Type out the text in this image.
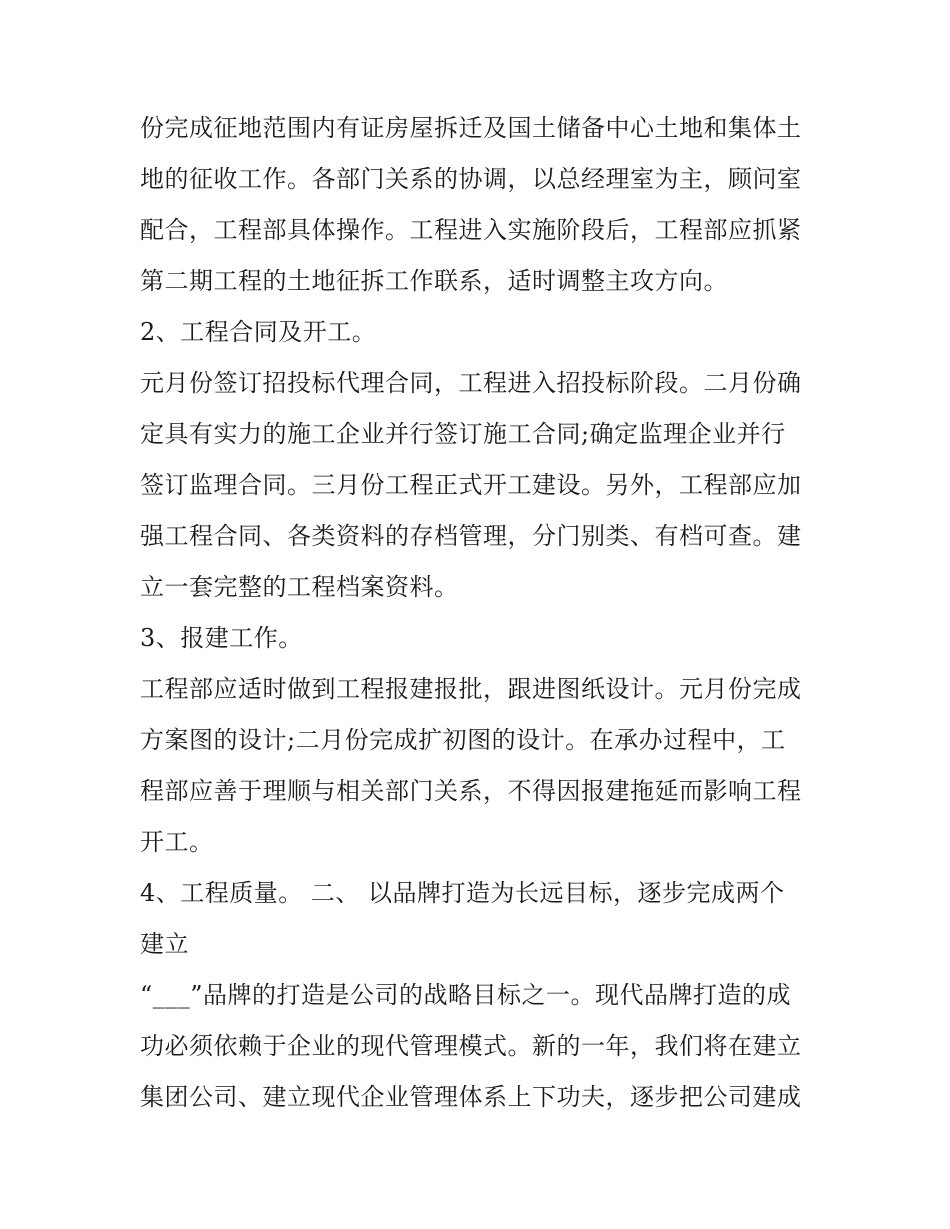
份完成征地范围内有证房屋拆迁及国土储备中心土地和集体土
地的征收工作。各部门关系的协调，以总经理室为主，顾问室
配合，工程部具体操作。工程进入实施阶段后，工程部应抓紧
第二期工程的土地征拆工作联系，适时调整主攻方向。
2、工程合同及开工。
元月份签订招投标代理合同，工程进入招投标阶段。二月份确
定具有实力的施工企业并行签订施工合同;确定监理企业并行
签订监理合同。三月份工程正式开工建设。另外，工程部应加
强工程合同、各类资料的存档管理，分门别类、有档可查。建
立一套完整的工程档案资料。
3、报建工作。
工程部应适时做到工程报建报批，跟进图纸设计。元月份完成
方案图的设计;二月份完成扩初图的设计。在承办过程中，工
程部应善于理顺与相关部门关系，不得因报建拖延而影响工程
开工。
4、工程质量。 二、 以品牌打造为长远目标，逐步完成两个
建立
“___”品牌的打造是公司的战略目标之一。现代品牌打造的成
功必须依赖于企业的现代管理模式。新的一年，我们将在建立
集团公司、建立现代企业管理体系上下功夫，逐步把公司建成
